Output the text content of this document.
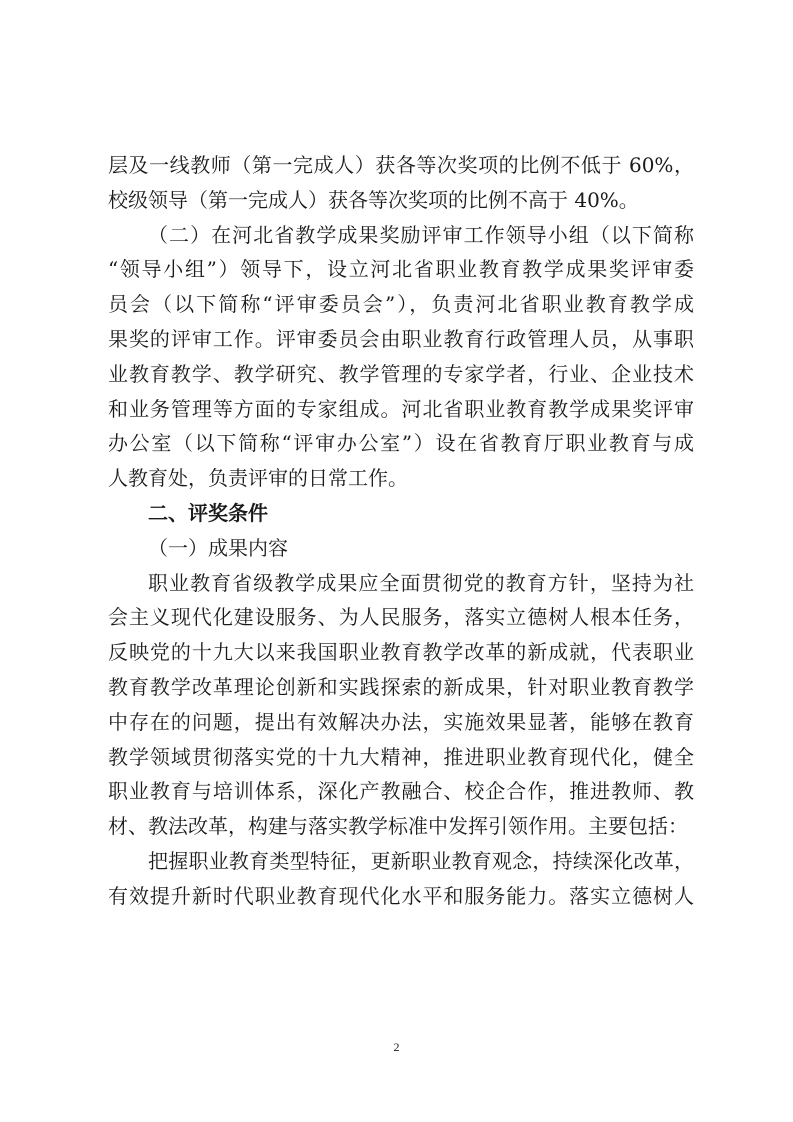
层及一线教师（第一完成人）获各等次奖项的比例不低于 60%，
校级领导（第一完成人）获各等次奖项的比例不高于 40%。
（二）在河北省教学成果奖励评审工作领导小组（以下简称
“领导小组”）领导下，设立河北省职业教育教学成果奖评审委
员会（以下简称“评审委员会”），负责河北省职业教育教学成
果奖的评审工作。评审委员会由职业教育行政管理人员，从事职
业教育教学、教学研究、教学管理的专家学者，行业、企业技术
和业务管理等方面的专家组成。河北省职业教育教学成果奖评审
办公室（以下简称“评审办公室”）设在省教育厅职业教育与成
人教育处，负责评审的日常工作。
二、评奖条件
（一）成果内容
职业教育省级教学成果应全面贯彻党的教育方针，坚持为社
会主义现代化建设服务、为人民服务，落实立德树人根本任务，
反映党的十九大以来我国职业教育教学改革的新成就，代表职业
教育教学改革理论创新和实践探索的新成果，针对职业教育教学
中存在的问题，提出有效解决办法，实施效果显著，能够在教育
教学领域贯彻落实党的十九大精神，推进职业教育现代化，健全
职业教育与培训体系，深化产教融合、校企合作，推进教师、教
材、教法改革，构建与落实教学标准中发挥引领作用。主要包括：
把握职业教育类型特征，更新职业教育观念，持续深化改革，
有效提升新时代职业教育现代化水平和服务能力。落实立德树人
2
